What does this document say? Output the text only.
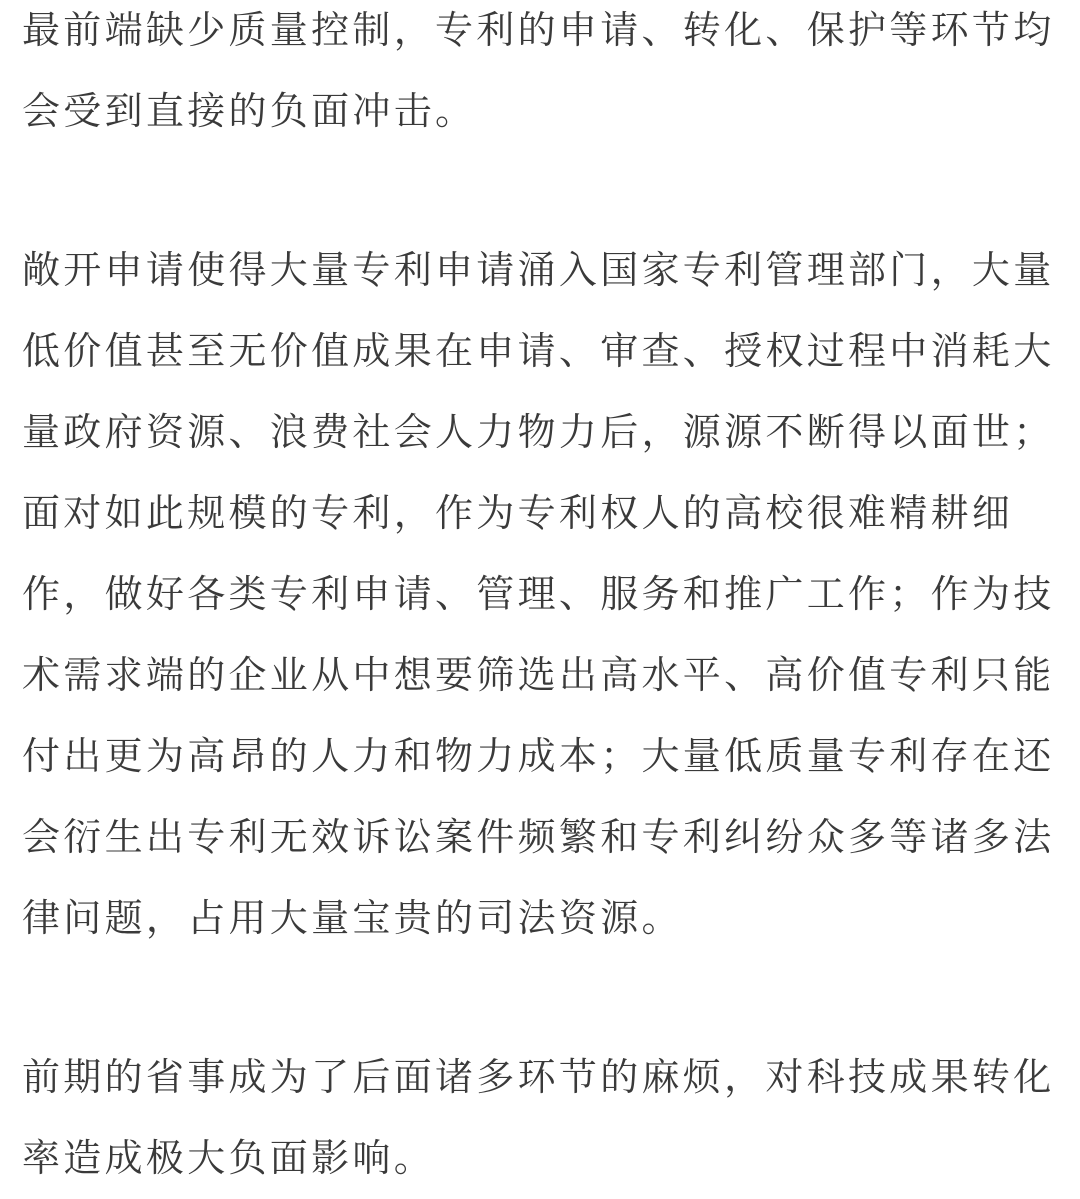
最前端缺少质量控制，专利的申请、转化、保护等环节均
会受到直接的负面冲击。
敞开申请使得大量专利申请涌入国家专利管理部门，大量
低价值甚至无价值成果在申请、审查、授权过程中消耗大
量政府资源、浪费社会人力物力后，源源不断得以面世；
面对如此规模的专利，作为专利权人的高校很难精耕细
作，做好各类专利申请、管理、服务和推广工作；作为技
术需求端的企业从中想要筛选出高水平、高价值专利只能
付出更为高昂的人力和物力成本；大量低质量专利存在还
会衍生出专利无效诉讼案件频繁和专利纠纷众多等诸多法
律问题，占用大量宝贵的司法资源。
前期的省事成为了后面诸多环节的麻烦，对科技成果转化
率造成极大负面影响。
